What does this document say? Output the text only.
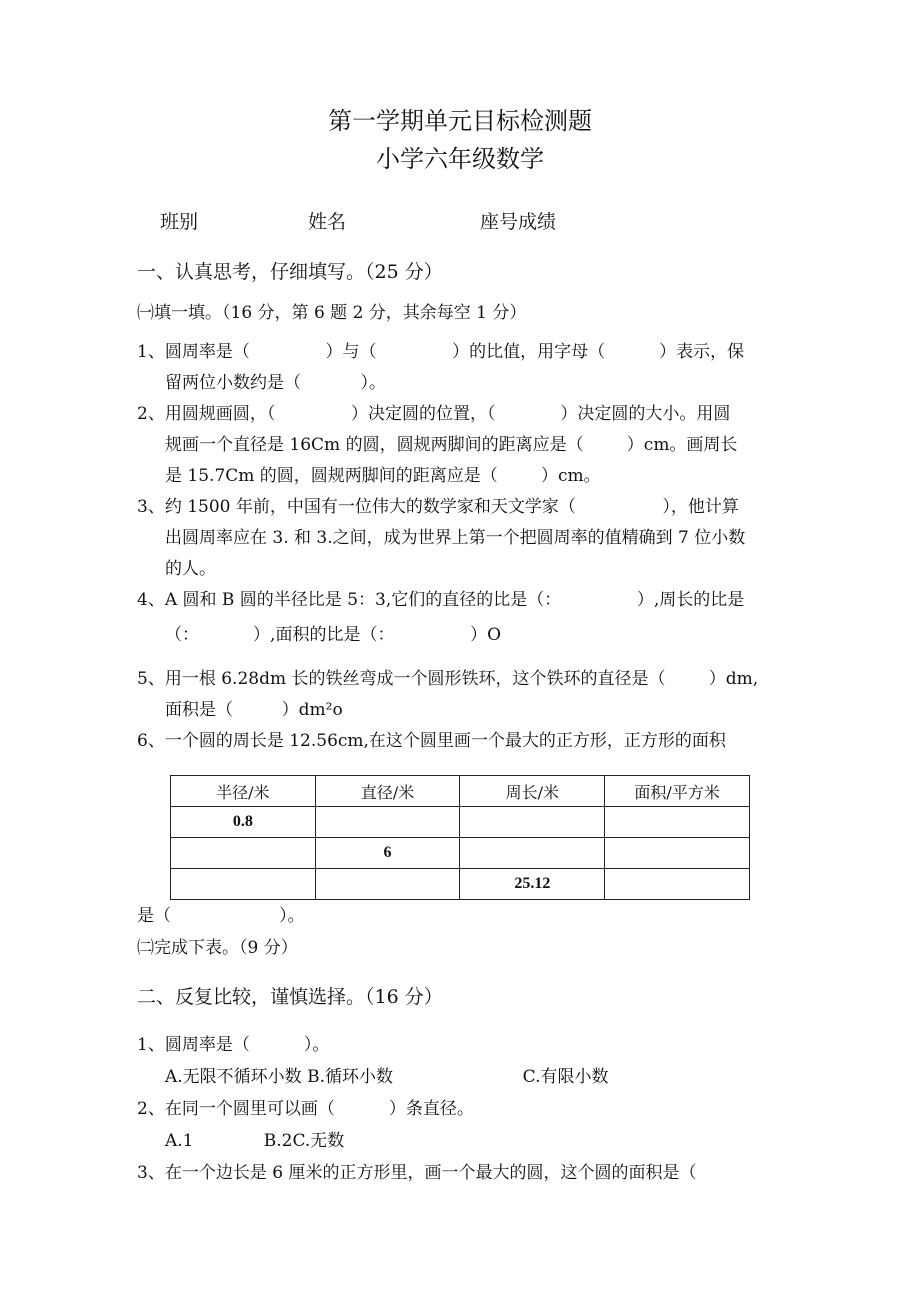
第一学期单元目标检测题
小学六年级数学
班别	姓名	座号成绩
一、认真思考，仔细填写。（25 分）
㈠填一填。（16 分，第 6 题 2 分，其余每空 1 分）
1、圆周率是（              ）与（              ）的比值，用字母（          ）表示，保
留两位小数约是（           ）。
2、用圆规画圆，（              ）决定圆的位置，（            ）决定圆的大小。用圆
规画一个直径是 16Cm 的圆，圆规两脚间的距离应是（        ）cm。画周长
是 15.7Cm 的圆，圆规两脚间的距离应是（        ）cm。
3、约 1500 年前，中国有一位伟大的数学家和天文学家（                ），他计算
出圆周率应在 3. 和 3.之间，成为世界上第一个把圆周率的值精确到 7 位小数
的人。
4、A 圆和 B 圆的半径比是 5：3,它们的直径的比是（：              ）,周长的比是
（：          ）,面积的比是（：              ）O
5、用一根 6.28dm 长的铁丝弯成一个圆形铁环，这个铁环的直径是（        ）dm,
面积是（         ）dm²o
6、一个圆的周长是 12.56cm,在这个圆里画一个最大的正方形，正方形的面积
半径/米	直径/米	周长/米	面积/平方米
0.8			
	6		
		25.12	
是（                    ）。
㈡完成下表。（9 分）
二、反复比较，谨慎选择。（16 分）
1、圆周率是（          ）。
A.无限不循环小数 B.循环小数                        C.有限小数
2、在同一个圆里可以画（          ）条直径。
A.1             B.2C.无数
3、在一个边长是 6 厘米的正方形里，画一个最大的圆，这个圆的面积是（
